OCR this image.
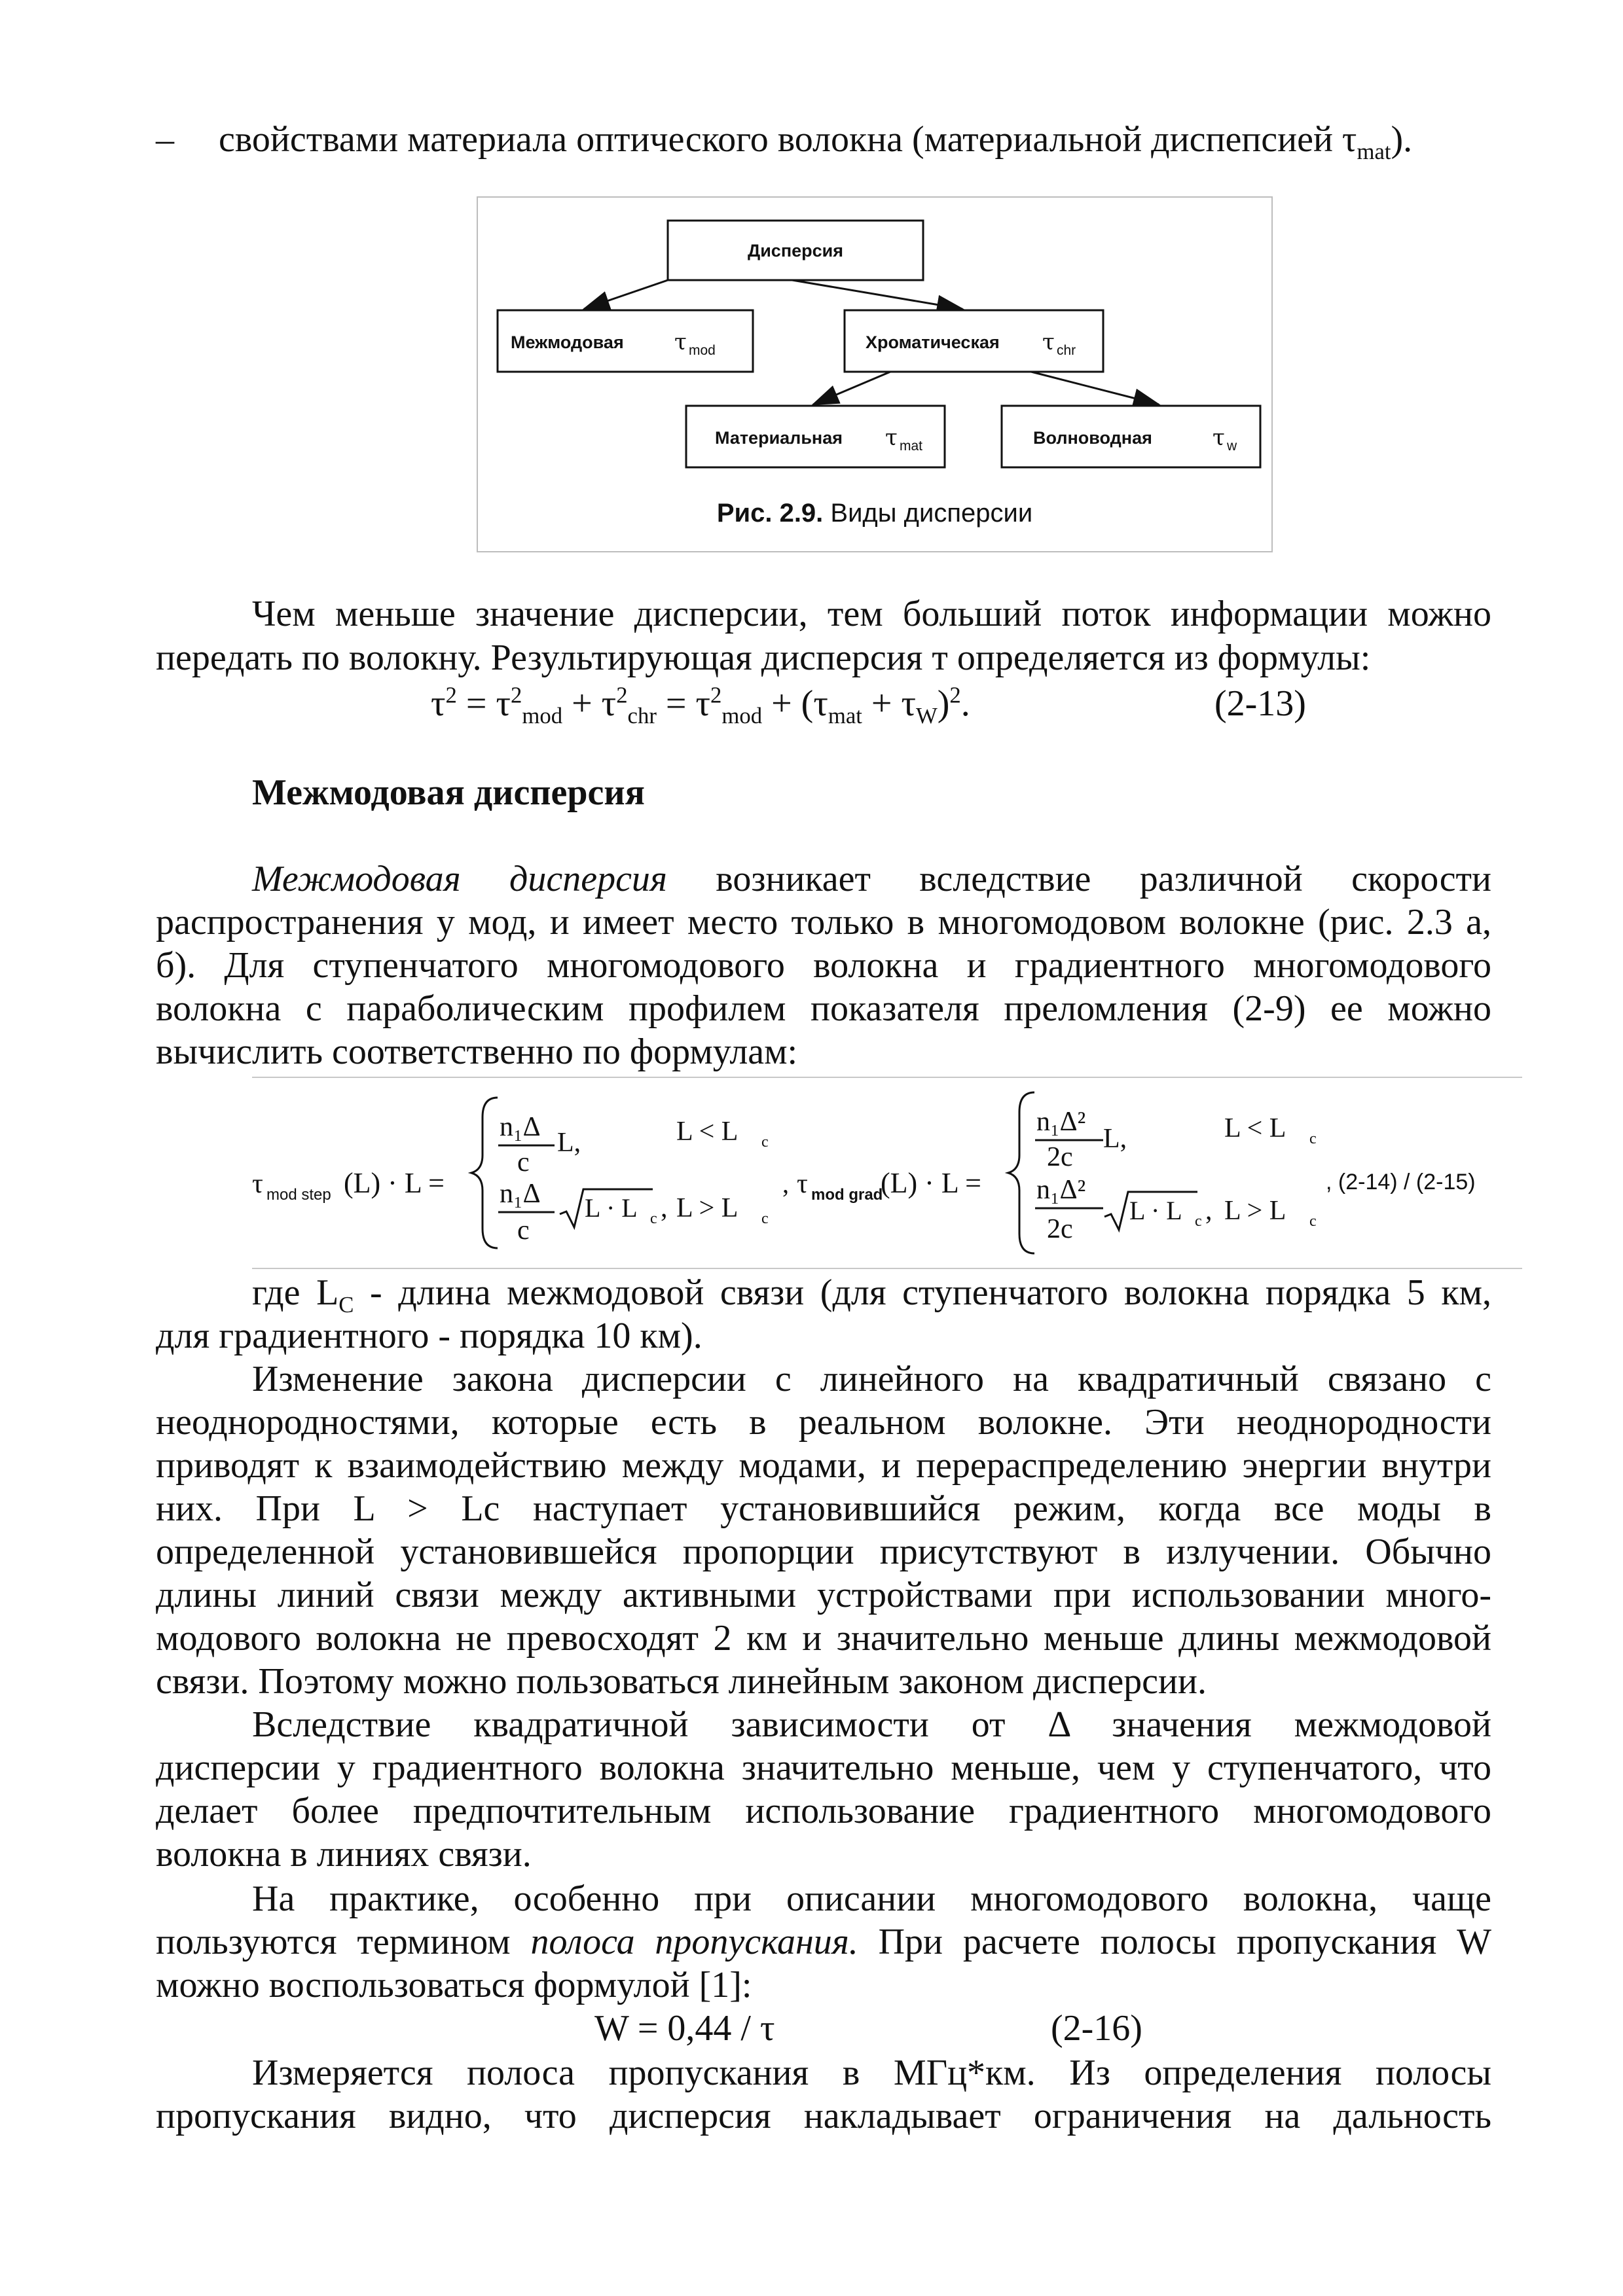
– свойствами материала оптического волокна (материальной диспепсией $\tau_{mat}$).
Дисперсия
Межмодовая τ mod	Хроматическая τ chr
Материальная τ mat	Волноводная	τ w
Рис. 2.9. Виды дисперсии
Чем меньше значение дисперсии, тем больший поток информации можно
передать по волокну. Результирующая дисперсия т определяется из формулы:
$\tau^2 = \tau^2_{mod} + \tau^2_{chr} = \tau^2_{mod} + (\tau_{mat} + \tau_W)^2$.	(2-13)
Межмодовая дисперсия
Межмодовая дисперсия возникает вследствие различной скорости
распространения у мод, и имеет место только в многомодовом волокне (рис. 2.3 а,
б). Для ступенчатого многомодового волокна и градиентного многомодового
волокна с параболическим профилем показателя преломления (2-9) ее можно
вычислить соответственно по формулам:
τ mod step (L) · L =
n₁Δ
c
L,	L < L c
n₁Δ
c
L · L c , L > L c
, τ mod grad
(L) · L =
n₁Δ²
2c
L,	L < L c
n₁Δ²
2c
L · L c , L > L c
, (2-14) / (2-15)
где $L_C$ - длина межмодовой связи (для ступенчатого волокна порядка 5 км,
для градиентного - порядка 10 км).
Изменение закона дисперсии с линейного на квадратичный связано с
неоднородностями, которые есть в реальном волокне. Эти неоднородности
приводят к взаимодействию между модами, и перераспределению энергии внутри
них. При L > Lc наступает установившийся режим, когда все моды в
определенной установившейся пропорции присутствуют в излучении. Обычно
длины линий связи между активными устройствами при использовании много-
модового волокна не превосходят 2 км и значительно меньше длины межмодовой
связи. Поэтому можно пользоваться линейным законом дисперсии.
Вследствие квадратичной зависимости от Δ значения межмодовой
дисперсии у градиентного волокна значительно меньше, чем у ступенчатого, что
делает более предпочтительным использование градиентного многомодового
волокна в линиях связи.
На практике, особенно при описании многомодового волокна, чаще
пользуются термином полоса пропускания. При расчете полосы пропускания W
можно воспользоваться формулой [1]:
W = 0,44 / τ	(2-16)
Измеряется полоса пропускания в МГц*км. Из определения полосы
пропускания видно, что дисперсия накладывает ограничения на дальность
